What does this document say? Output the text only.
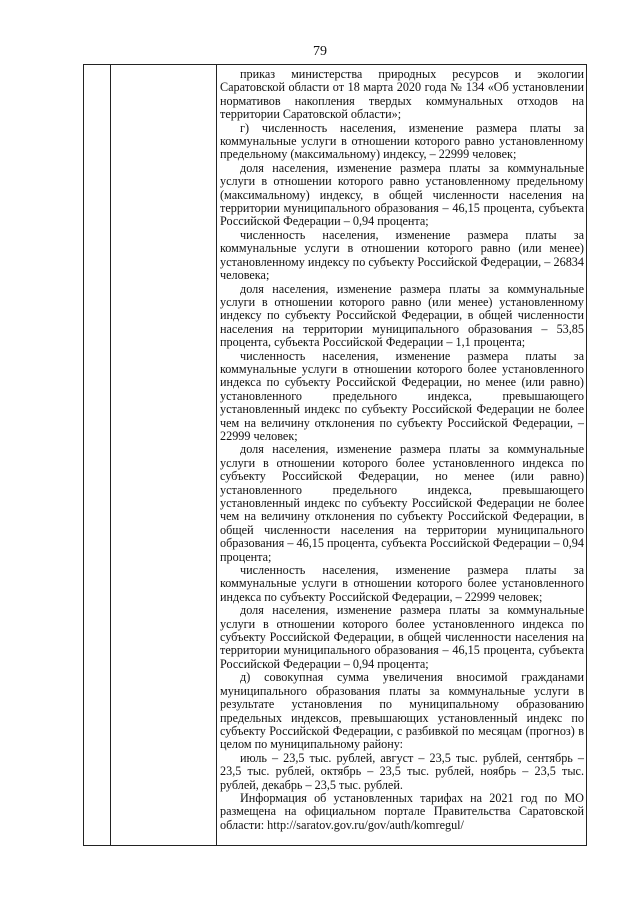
79

приказ министерства природных ресурсов и экологии Саратовской области от 18 марта 2020 года № 134 «Об установлении нормативов накопления твердых коммунальных отходов на территории Саратовской области»;

г) численность населения, изменение размера платы за коммунальные услуги в отношении которого равно установленному предельному (максимальному) индексу, – 22999 человек;

доля населения, изменение размера платы за коммунальные услуги в отношении которого равно установленному предельному (максимальному) индексу, в общей численности населения на территории муниципального образования – 46,15 процента, субъекта Российской Федерации – 0,94 процента;

численность населения, изменение размера платы за коммунальные услуги в отношении которого равно (или менее) установленному индексу по субъекту Российской Федерации, – 26834 человека;

доля населения, изменение размера платы за коммунальные услуги в отношении которого равно (или менее) установленному индексу по субъекту Российской Федерации, в общей численности населения на территории муниципального образования – 53,85 процента, субъекта Российской Федерации – 1,1 процента;

численность населения, изменение размера платы за коммунальные услуги в отношении которого более установленного индекса по субъекту Российской Федерации, но менее (или равно) установленного предельного индекса, превышающего установленный индекс по субъекту Российской Федерации не более чем на величину отклонения по субъекту Российской Федерации, – 22999 человек;

доля населения, изменение размера платы за коммунальные услуги в отношении которого более установленного индекса по субъекту Российской Федерации, но менее (или равно) установленного предельного индекса, превышающего установленный индекс по субъекту Российской Федерации не более чем на величину отклонения по субъекту Российской Федерации, в общей численности населения на территории муниципального образования – 46,15 процента, субъекта Российской Федерации – 0,94 процента;

численность населения, изменение размера платы за коммунальные услуги в отношении которого более установленного индекса по субъекту Российской Федерации, – 22999 человек;

доля населения, изменение размера платы за коммунальные услуги в отношении которого более установленного индекса по субъекту Российской Федерации, в общей численности населения на территории муниципального образования – 46,15 процента, субъекта Российской Федерации – 0,94 процента;

д) совокупная сумма увеличения вносимой гражданами муниципального образования платы за коммунальные услуги в результате установления по муниципальному образованию предельных индексов, превышающих установленный индекс по субъекту Российской Федерации, с разбивкой по месяцам (прогноз) в целом по муниципальному району:

июль – 23,5 тыс. рублей, август – 23,5 тыс. рублей, сентябрь – 23,5 тыс. рублей, октябрь – 23,5 тыс. рублей, ноябрь – 23,5 тыс. рублей, декабрь – 23,5 тыс. рублей.

Информация об установленных тарифах на 2021 год по МО размещена на официальном портале Правительства Саратовской области: http://saratov.gov.ru/gov/auth/komregul/
